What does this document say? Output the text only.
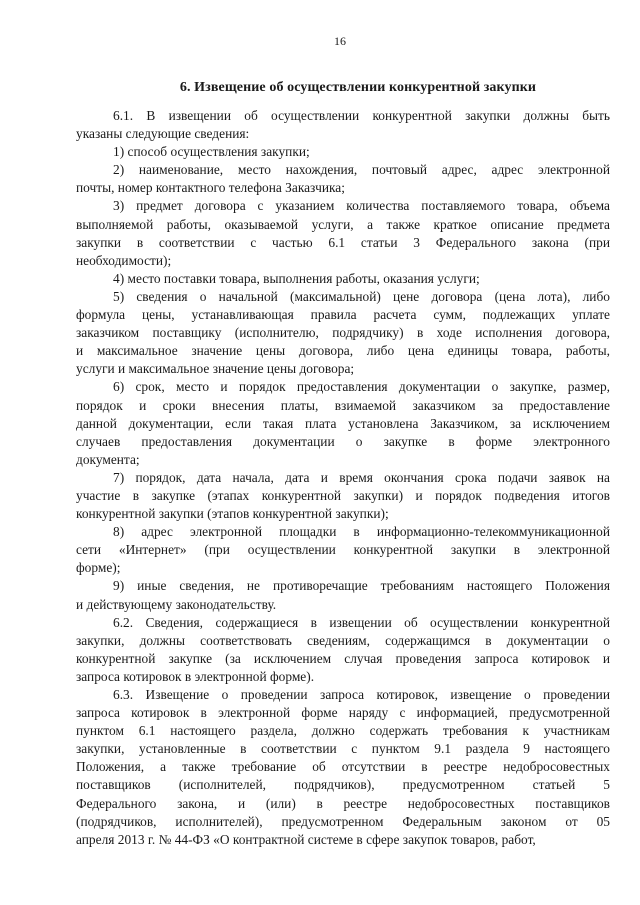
16
6. Извещение об осуществлении конкурентной закупки
6.1. В извещении об осуществлении конкурентной закупки должны быть
указаны следующие сведения:
1) способ осуществления закупки;
2) наименование, место нахождения, почтовый адрес, адрес электронной
почты, номер контактного телефона Заказчика;
3) предмет договора с указанием количества поставляемого товара, объема
выполняемой работы, оказываемой услуги, а также краткое описание предмета
закупки в соответствии с частью 6.1 статьи 3 Федерального закона (при
необходимости);
4) место поставки товара, выполнения работы, оказания услуги;
5) сведения о начальной (максимальной) цене договора (цена лота), либо
формула цены, устанавливающая правила расчета сумм, подлежащих уплате
заказчиком поставщику (исполнителю, подрядчику) в ходе исполнения договора,
и максимальное значение цены договора, либо цена единицы товара, работы,
услуги и максимальное значение цены договора;
6) срок, место и порядок предоставления документации о закупке, размер,
порядок и сроки внесения платы, взимаемой заказчиком за предоставление
данной документации, если такая плата установлена Заказчиком, за исключением
случаев предоставления документации о закупке в форме электронного
документа;
7) порядок, дата начала, дата и время окончания срока подачи заявок на
участие в закупке (этапах конкурентной закупки) и порядок подведения итогов
конкурентной закупки (этапов конкурентной закупки);
8) адрес электронной площадки в информационно-телекоммуникационной
сети «Интернет» (при осуществлении конкурентной закупки в электронной
форме);
9) иные сведения, не противоречащие требованиям настоящего Положения
и действующему законодательству.
6.2. Сведения, содержащиеся в извещении об осуществлении конкурентной
закупки, должны соответствовать сведениям, содержащимся в документации о
конкурентной закупке (за исключением случая проведения запроса котировок и
запроса котировок в электронной форме).
6.3. Извещение о проведении запроса котировок, извещение о проведении
запроса котировок в электронной форме наряду с информацией, предусмотренной
пунктом 6.1 настоящего раздела, должно содержать требования к участникам
закупки, установленные в соответствии с пунктом 9.1 раздела 9 настоящего
Положения, а также требование об отсутствии в реестре недобросовестных
поставщиков (исполнителей, подрядчиков), предусмотренном статьей 5
Федерального закона, и (или) в реестре недобросовестных поставщиков
(подрядчиков, исполнителей), предусмотренном Федеральным законом от 05
апреля 2013 г. № 44-ФЗ «О контрактной системе в сфере закупок товаров, работ,
